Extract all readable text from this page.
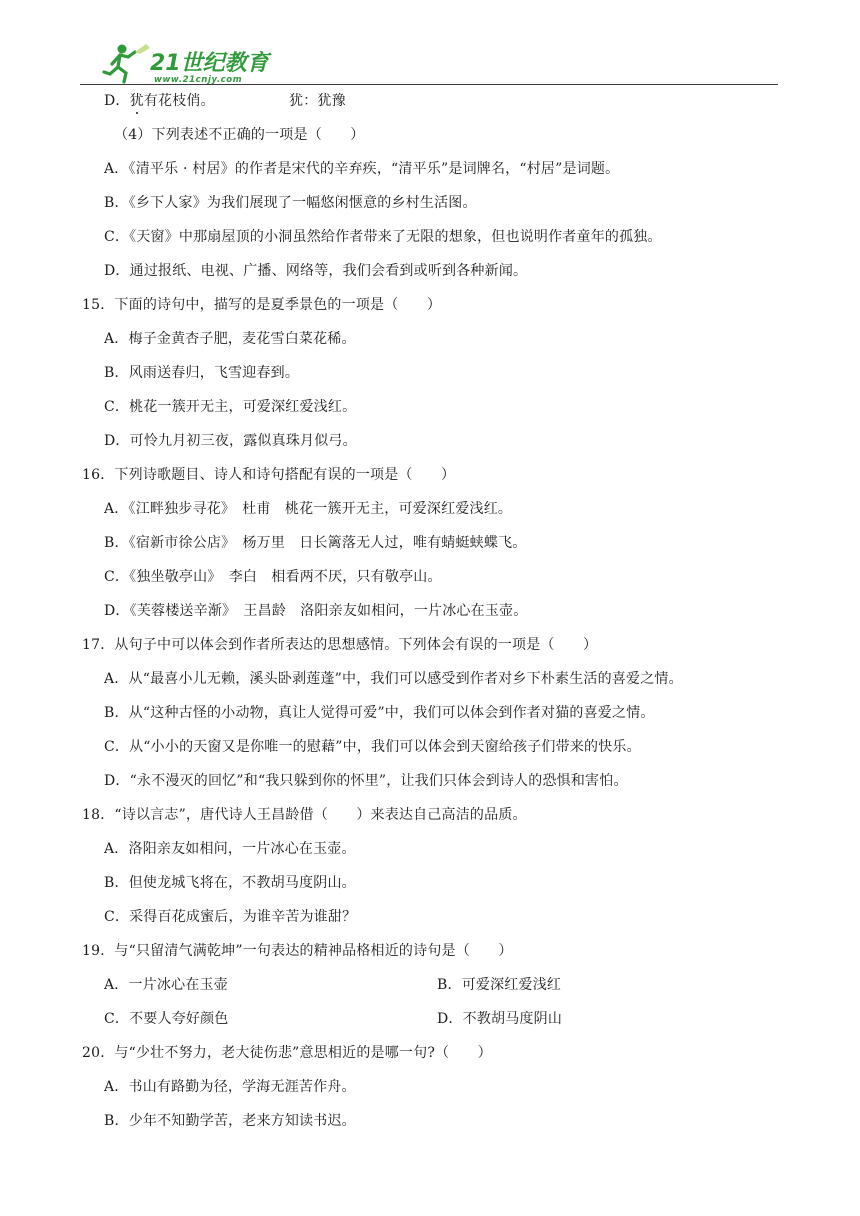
21世纪教育
www.21cnjy.com
D．犹有花枝俏。	犹：犹豫
（4）下列表述不正确的一项是（　　）
A．《清平乐 · 村居》的作者是宋代的辛弃疾，“清平乐”是词牌名，“村居”是词题。
B．《乡下人家》为我们展现了一幅悠闲惬意的乡村生活图。
C．《天窗》中那扇屋顶的小洞虽然给作者带来了无限的想象，但也说明作者童年的孤独。
D．通过报纸、电视、广播、网络等，我们会看到或听到各种新闻。
15．下面的诗句中，描写的是夏季景色的一项是（　　）
A．梅子金黄杏子肥，麦花雪白菜花稀。
B．风雨送春归，飞雪迎春到。
C．桃花一簇开无主，可爱深红爱浅红。
D．可怜九月初三夜，露似真珠月似弓。
16．下列诗歌题目、诗人和诗句搭配有误的一项是（　　）
A．《江畔独步寻花》　杜甫　桃花一簇开无主，可爱深红爱浅红。
B．《宿新市徐公店》　杨万里　日长篱落无人过，唯有蜻蜓蛱蝶飞。
C．《独坐敬亭山》　李白　相看两不厌，只有敬亭山。
D．《芙蓉楼送辛渐》　王昌龄　洛阳亲友如相问，一片冰心在玉壶。
17．从句子中可以体会到作者所表达的思想感情。下列体会有误的一项是（　　）
A．从“最喜小儿无赖，溪头卧剥莲蓬”中，我们可以感受到作者对乡下朴素生活的喜爱之情。
B．从“这种古怪的小动物，真让人觉得可爱”中，我们可以体会到作者对猫的喜爱之情。
C．从“小小的天窗又是你唯一的慰藉”中，我们可以体会到天窗给孩子们带来的快乐。
D．“永不漫灭的回忆”和“我只躲到你的怀里”，让我们只体会到诗人的恐惧和害怕。
18．“诗以言志”，唐代诗人王昌龄借（　　）来表达自己高洁的品质。
A．洛阳亲友如相问，一片冰心在玉壶。
B．但使龙城飞将在，不教胡马度阴山。
C．采得百花成蜜后，为谁辛苦为谁甜？
19．与“只留清气满乾坤”一句表达的精神品格相近的诗句是（　　）
A．一片冰心在玉壶	B．可爱深红爱浅红
C．不要人夸好颜色	D．不教胡马度阴山
20．与“少壮不努力，老大徒伤悲”意思相近的是哪一句?（　　）
A．书山有路勤为径，学海无涯苦作舟。
B．少年不知勤学苦，老来方知读书迟。
